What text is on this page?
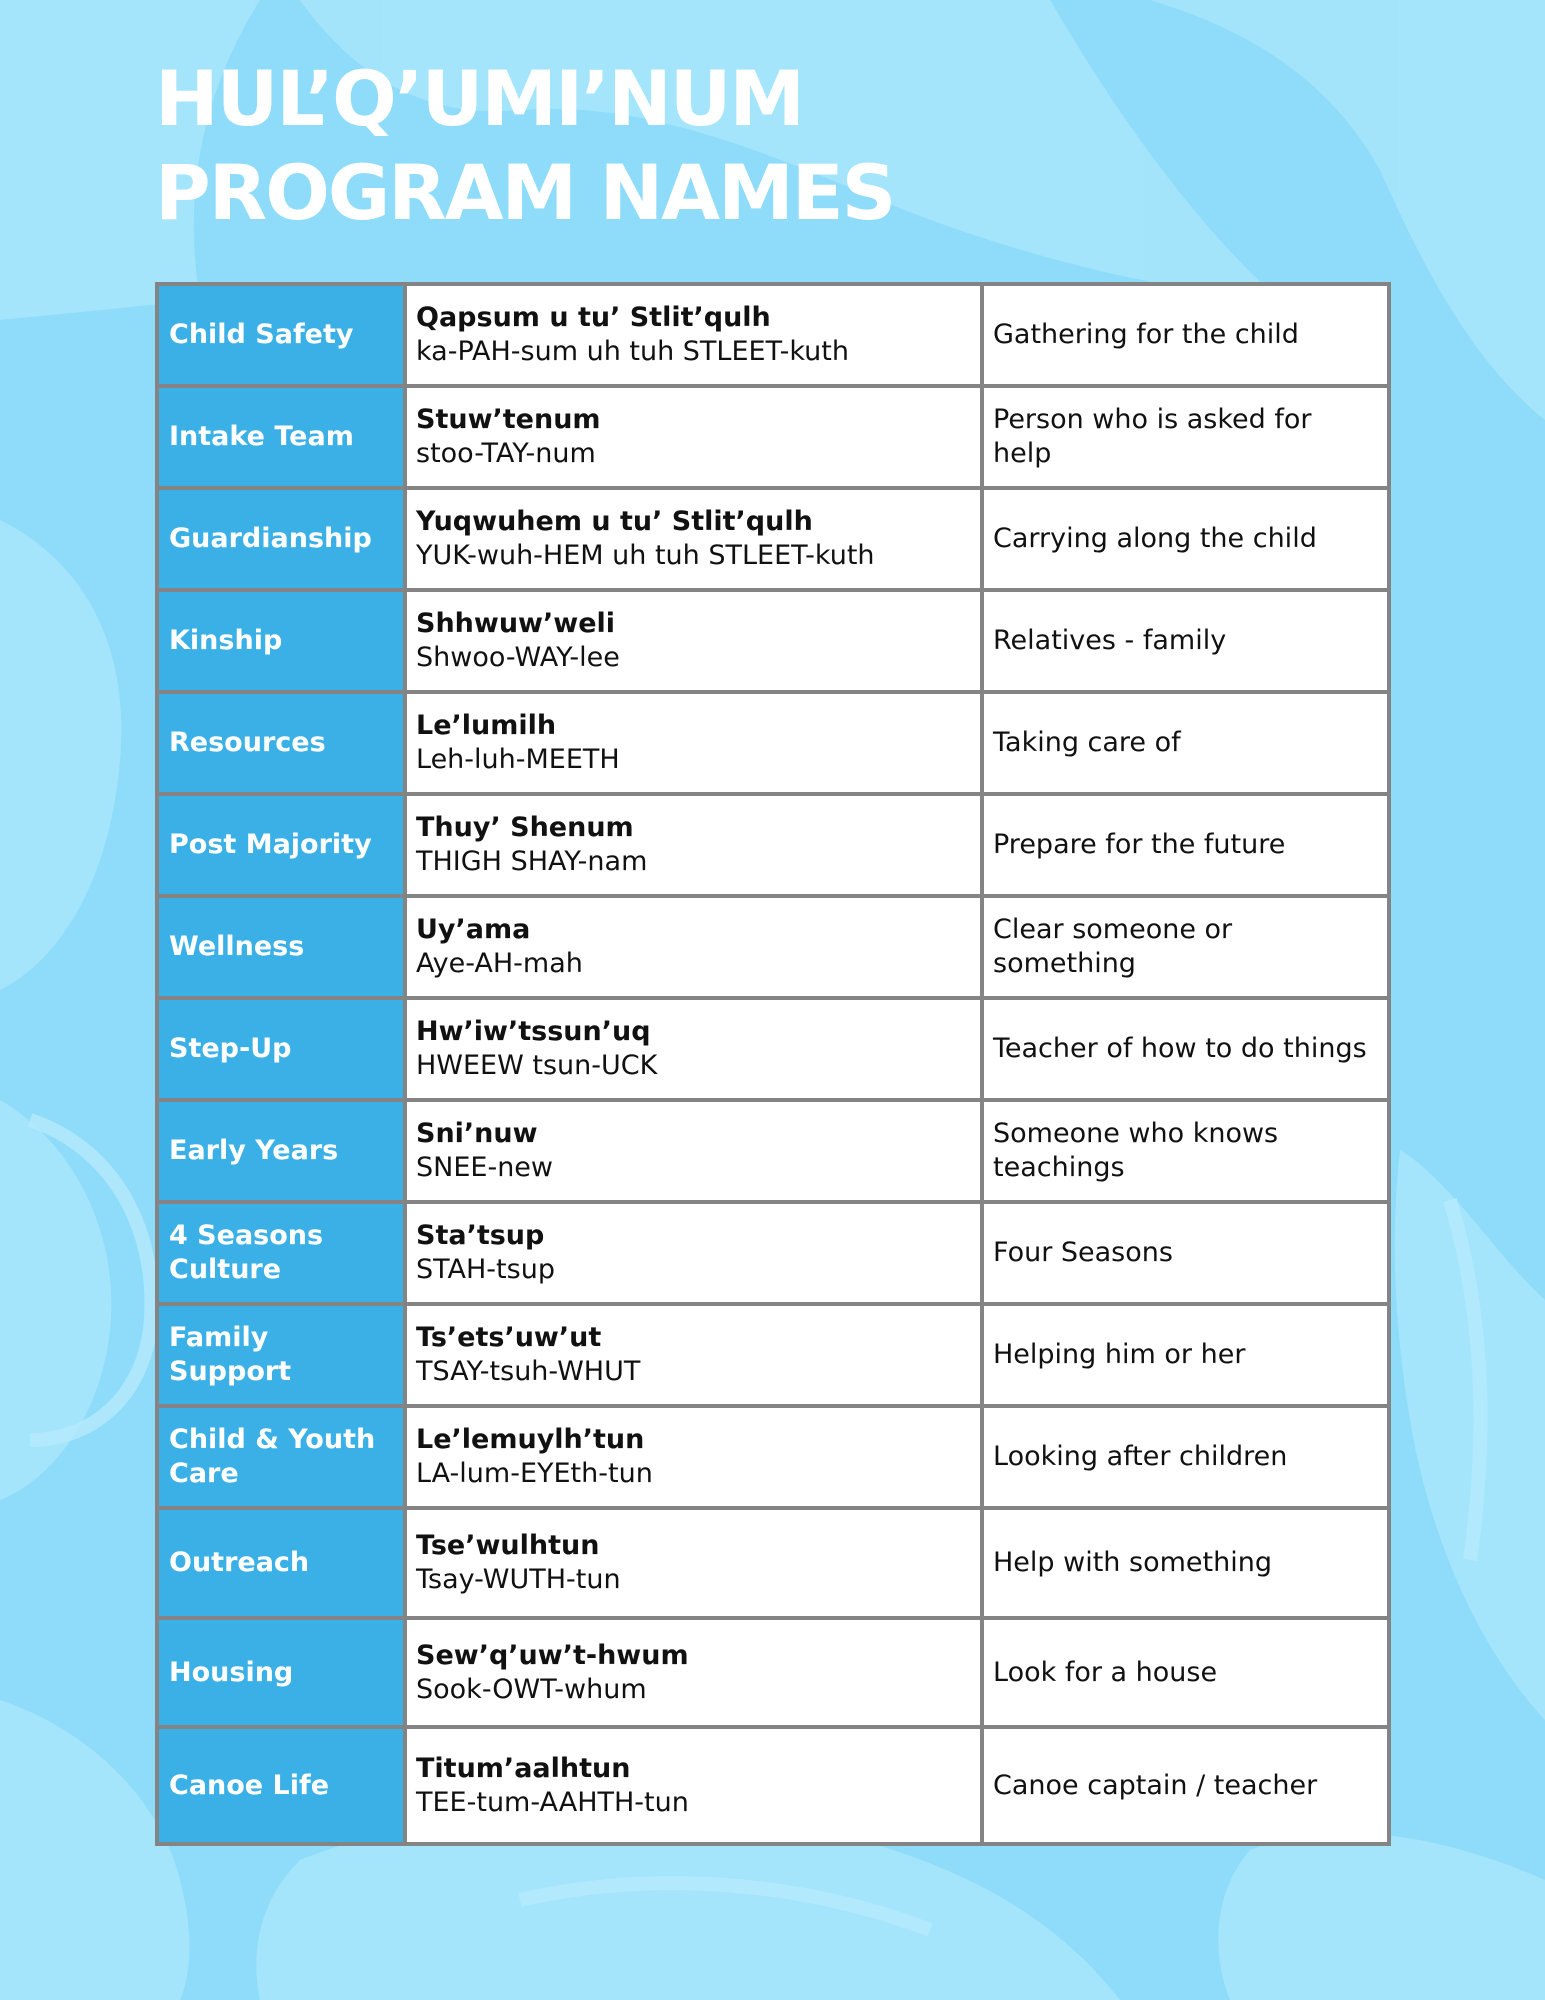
HUL’Q’UMI’NUM
PROGRAM NAMES
Child Safety
Qapsum u tu’ Stlit’qulh
ka-PAH-sum uh tuh STLEET-kuth
Gathering for the child
Intake Team
Stuw’tenum
stoo-TAY-num
Person who is asked for help
Guardianship
Yuqwuhem u tu’ Stlit’qulh
YUK-wuh-HEM uh tuh STLEET-kuth
Carrying along the child
Kinship
Shhwuw’weli
Shwoo-WAY-lee
Relatives - family
Resources
Le’lumilh
Leh-luh-MEETH
Taking care of
Post Majority
Thuy’ Shenum
THIGH SHAY-nam
Prepare for the future
Wellness
Uy’ama
Aye-AH-mah
Clear someone or something
Step-Up
Hw’iw’tssun’uq
HWEEW tsun-UCK
Teacher of how to do things
Early Years
Sni’nuw
SNEE-new
Someone who knows teachings
4 Seasons Culture
Sta’tsup
STAH-tsup
Four Seasons
Family Support
Ts’ets’uw’ut
TSAY-tsuh-WHUT
Helping him or her
Child & Youth Care
Le’lemuylh’tun
LA-lum-EYEth-tun
Looking after children
Outreach
Tse’wulhtun
Tsay-WUTH-tun
Help with something
Housing
Sew’q’uw’t-hwum
Sook-OWT-whum
Look for a house
Canoe Life
Titum’aalhtun
TEE-tum-AAHTH-tun
Canoe captain / teacher
